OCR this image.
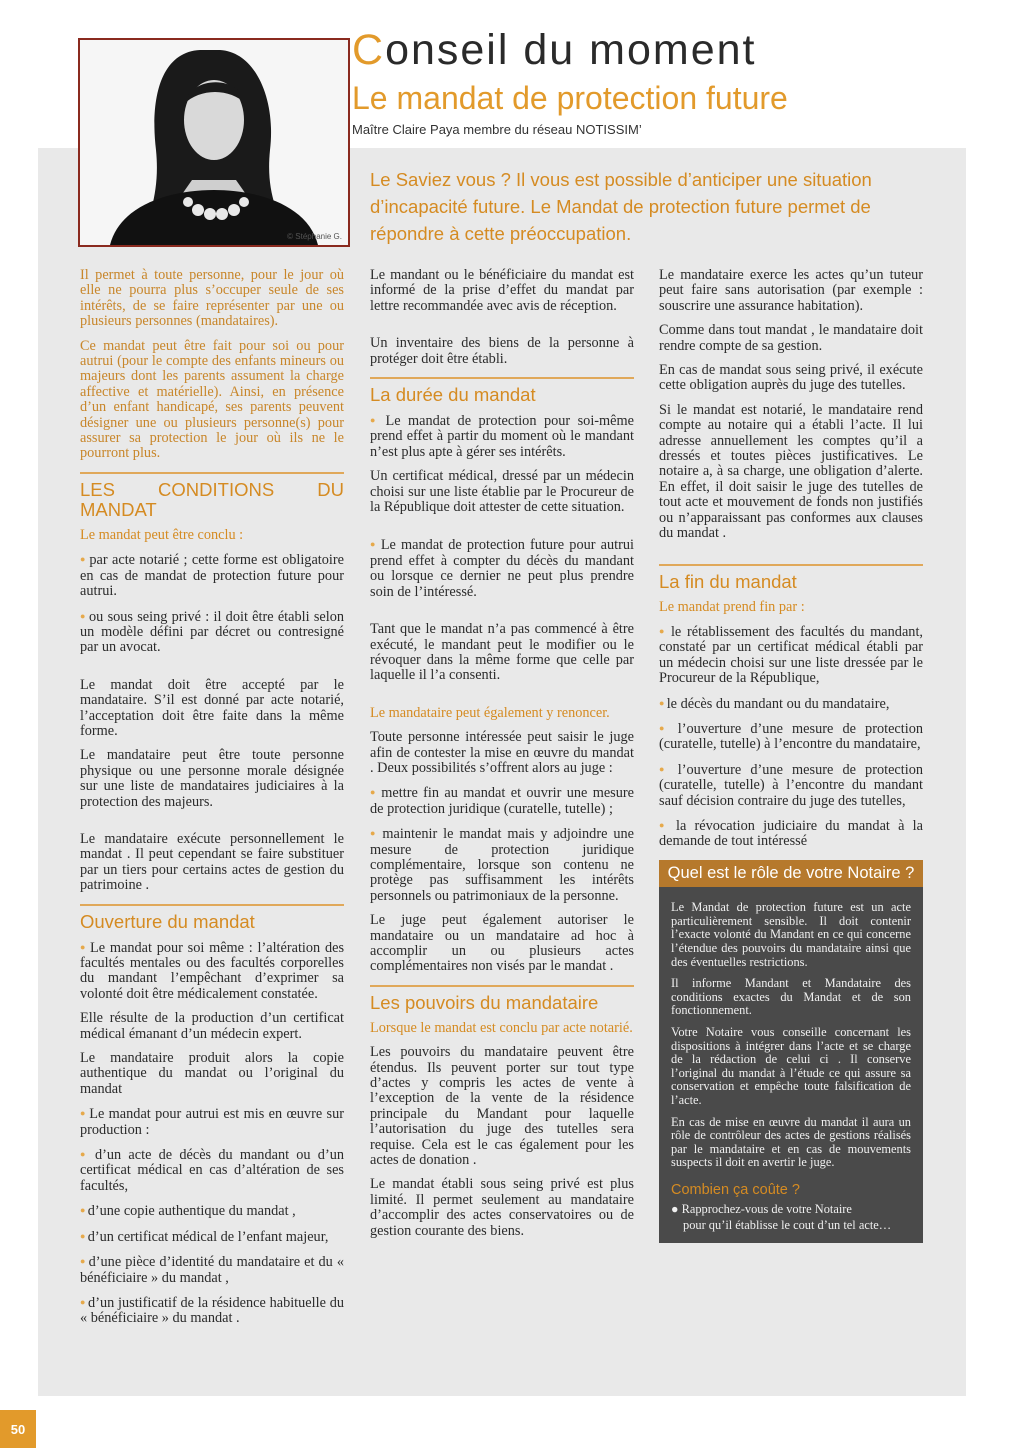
© Stéphanie G.
Conseil du moment
Le mandat de protection future
Maître Claire Paya membre du réseau NOTISSIM’
Le Saviez vous ? Il vous est possible d’anticiper une situation d’incapacité future. Le Mandat de protection future permet de répondre à cette préoccupation.

Il permet à toute personne, pour le jour où elle ne pourra plus s’occuper seule de ses intérêts, de se faire représenter par une ou plusieurs personnes (mandataires).

Ce mandat peut être fait pour soi ou pour autrui (pour le compte des enfants mineurs ou majeurs dont les parents assument la charge affective et matérielle). Ainsi, en présence d’un enfant handicapé, ses parents peuvent désigner une ou plusieurs personne(s) pour assurer sa protection le jour où ils ne le pourront plus.

LES CONDITIONS DU MANDAT

Le mandat peut être conclu :

● par acte notarié ; cette forme est obligatoire en cas de mandat de protection future pour autrui.

● ou sous seing privé : il doit être établi selon un modèle défini par décret ou contresigné par un avocat.

Le mandat doit être accepté par le mandataire. S’il est donné par acte notarié, l’acceptation doit être faite dans la même forme.

Le mandataire peut être toute personne physique ou une personne morale désignée sur une liste de mandataires judiciaires à la protection des majeurs.

Le mandataire exécute personnellement le mandat . Il peut cependant se faire substituer par un tiers pour certains actes de gestion du patrimoine .

Ouverture du mandat

● Le mandat pour soi même : l’altération des facultés mentales ou des facultés corporelles du mandant l’empêchant d’exprimer sa volonté doit être médicalement constatée.

Elle résulte de la production d’un certificat médical émanant d’un médecin expert.

Le mandataire produit alors la copie authentique du mandat ou l’original du mandat

● Le mandat pour autrui est mis en œuvre sur production :

● d’un acte de décès du mandant ou d’un certificat médical en cas d’altération de ses facultés,

● d’une copie authentique du mandat ,

● d’un certificat médical de l’enfant majeur,

● d’une pièce d’identité du mandataire et du « bénéficiaire » du mandat ,

● d’un justificatif de la résidence habituelle du « bénéficiaire » du mandat .

Le mandant ou le bénéficiaire du mandat est informé de la prise d’effet du mandat par lettre recommandée avec avis de réception.

Un inventaire des biens de la personne à protéger doit être établi.

La durée du mandat

● Le mandat de protection pour soi-même prend effet à partir du moment où le mandant n’est plus apte à gérer ses intérêts.

Un certificat médical, dressé par un médecin choisi sur une liste établie par le Procureur de la République doit attester de cette situation.

● Le mandat de protection future pour autrui prend effet à compter du décès du mandant ou lorsque ce dernier ne peut plus prendre soin de l’intéressé.

Tant que le mandat n’a pas commencé à être exécuté, le mandant peut le modifier ou le révoquer dans la même forme que celle par laquelle il l’a consenti.

Le mandataire peut également y renoncer.

Toute personne intéressée peut saisir le juge afin de contester la mise en œuvre du mandat . Deux possibilités s’offrent alors au juge :

● mettre fin au mandat et ouvrir une mesure de protection juridique (curatelle, tutelle) ;

● maintenir le mandat mais y adjoindre une mesure de protection juridique complémentaire, lorsque son contenu ne protège pas suffisamment les intérêts personnels ou patrimoniaux de la personne.

Le juge peut également autoriser le mandataire ou un mandataire ad hoc à accomplir un ou plusieurs actes complémentaires non visés par le mandat .

Les pouvoirs du mandataire

Lorsque le mandat est conclu par acte notarié.

Les pouvoirs du mandataire peuvent être étendus. Ils peuvent porter sur tout type d’actes y compris les actes de vente à l’exception de la vente de la résidence principale du Mandant pour laquelle l’autorisation du juge des tutelles sera requise. Cela est le cas également pour les actes de donation .

Le mandat établi sous seing privé est plus limité. Il permet seulement au mandataire d’accomplir des actes conservatoires ou de gestion courante des biens.

Le mandataire exerce les actes qu’un tuteur peut faire sans autorisation (par exemple : souscrire une assurance habitation).

Comme dans tout mandat , le mandataire doit rendre compte de sa gestion.

En cas de mandat sous seing privé, il exécute cette obligation auprès du juge des tutelles.

Si le mandat est notarié, le mandataire rend compte au notaire qui a établi l’acte. Il lui adresse annuellement les comptes qu’il a dressés et toutes pièces justificatives. Le notaire a, à sa charge, une obligation d’alerte. En effet, il doit saisir le juge des tutelles de tout acte et mouvement de fonds non justifiés ou n’apparaissant pas conformes aux clauses du mandat .

La fin du mandat

Le mandat prend fin par :

● le rétablissement des facultés du mandant, constaté par un certificat médical établi par un médecin choisi sur une liste dressée par le Procureur de la République,

● le décès du mandant ou du mandataire,

● l’ouverture d’une mesure de protection (curatelle, tutelle) à l’encontre du mandataire,

● l’ouverture d’une mesure de protection (curatelle, tutelle) à l’encontre du mandant sauf décision contraire du juge des tutelles,

● la révocation judiciaire du mandat à la demande de tout intéressé

Quel est le rôle de votre Notaire ?

Le Mandat de protection future est un acte particulièrement sensible. Il doit contenir l’exacte volonté du Mandant en ce qui concerne l’étendue des pouvoirs du mandataire ainsi que des éventuelles restrictions.

Il informe Mandant et Mandataire des conditions exactes du Mandat et de son fonctionnement.

Votre Notaire vous conseille concernant les dispositions à intégrer dans l’acte et se charge de la rédaction de celui ci . Il conserve l’original du mandat à l’étude ce qui assure sa conservation et empêche toute falsification de l’acte.

En cas de mise en œuvre du mandat il aura un rôle de contrôleur des actes de gestions réalisés par le mandataire et en cas de mouvements suspects il doit en avertir le juge.

Combien ça coûte ?

● Rapprochez-vous de votre Notaire

pour qu’il établisse le cout d’un tel acte…

50
